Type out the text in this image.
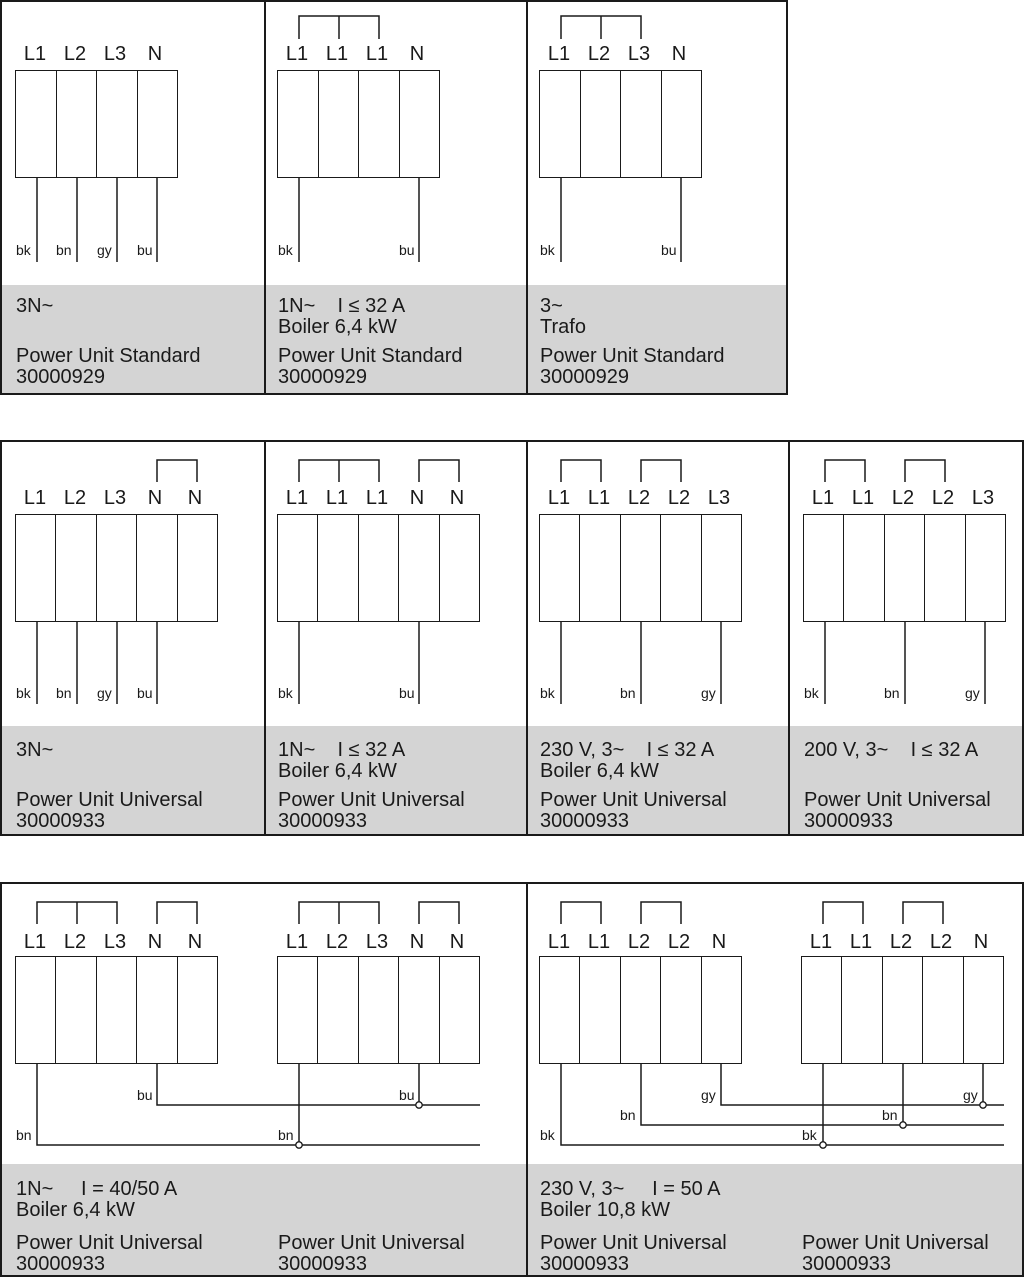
L1 L2 L3	N
bk bn gy bu
3N~
Power Unit Standard
30000929
L1 L1 L1	N
bk	bu
1N~    I ≤ 32 A
Boiler 6,4 kW
Power Unit Standard
30000929
L1 L2 L3	N
bk	bu
3~
Trafo
Power Unit Standard
30000929
L1 L2 L3	N	N
bk bn gy bu
3N~
Power Unit Universal
30000933
L1 L1 L1	N	N
bk	bu
1N~    I ≤ 32 A
Boiler 6,4 kW
Power Unit Universal
30000933
L1 L1 L2 L2 L3
bk	bn	gy
230 V, 3~    I ≤ 32 A
Boiler 6,4 kW
Power Unit Universal
30000933
L1 L1 L2 L2 L3
bk	bn	gy
200 V, 3~    I ≤ 32 A
Power Unit Universal
30000933
L1 L2 L3	N	N	L1 L2 L3	N	N
bu	bu
bn	bn
1N~     I = 40/50 A
Boiler 6,4 kW
Power Unit Universal
30000933
Power Unit Universal
30000933
L1 L1 L2 L2	N	L1 L1 L2 L2	N
gy	gy
bn	bn
bk	bk
230 V, 3~     I = 50 A
Boiler 10,8 kW
Power Unit Universal
30000933
Power Unit Universal
30000933
